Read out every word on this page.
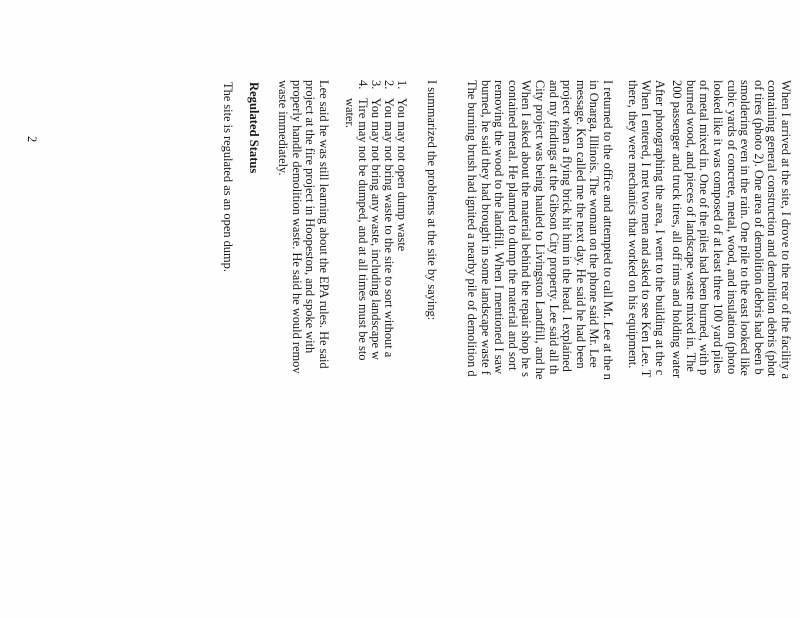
When I arrived at the site, I drove to the rear of the facility a
containing general construction and demolition debris (phot
of tires (photo 2). One area of demolition debris had been b
smoldering even in the rain. One pile to the east looked like
cubic yards of concrete, metal, wood, and insulation (photo
looked like it was composed of at least three 100 yard piles
of metal mixed in. One of the piles had been burned, with p
burned wood, and pieces of landscape waste mixed in. The
200 passenger and truck tires, all off rims and holding water
After photographing the area, I went to the building at the c
When I entered, I met two men and asked to see Ken Lee. T
there, they were mechanics that worked on his equipment.
I returned to the office and attempted to call Mr. Lee at the n
in Onarga, Illinois. The woman on the phone said Mr. Lee
message. Ken called me the next day. He said he had been
project when a flying brick hit him in the head. I explained
and my findings at the Gibson City property. Lee said all th
City project was being hauled to Livingston Landfill, and he
When I asked about the material behind the repair shop he s
contained metal. He planned to dump the material and sort
removing the wood to the landfill. When I mentioned I saw
burned, he said they had brought in some landscape waste f
The burning brush had ignited a nearby pile of demolition d
I summarized the problems at the site by saying:
1.
You may not open dump waste
2.
You may not bring waste to the site to sort without a
3.
You may not bring any waste, including landscape w
4.
Tire may not be dumped, and at all times must be sto
water.
Lee said he was still learning about the EPA rules. He said
project at the fire project in Hoopeston, and spoke with
properly handle demolition waste. He said he would remov
waste immediately.
Regulated Status
The site is regulated as an open dump.
2
